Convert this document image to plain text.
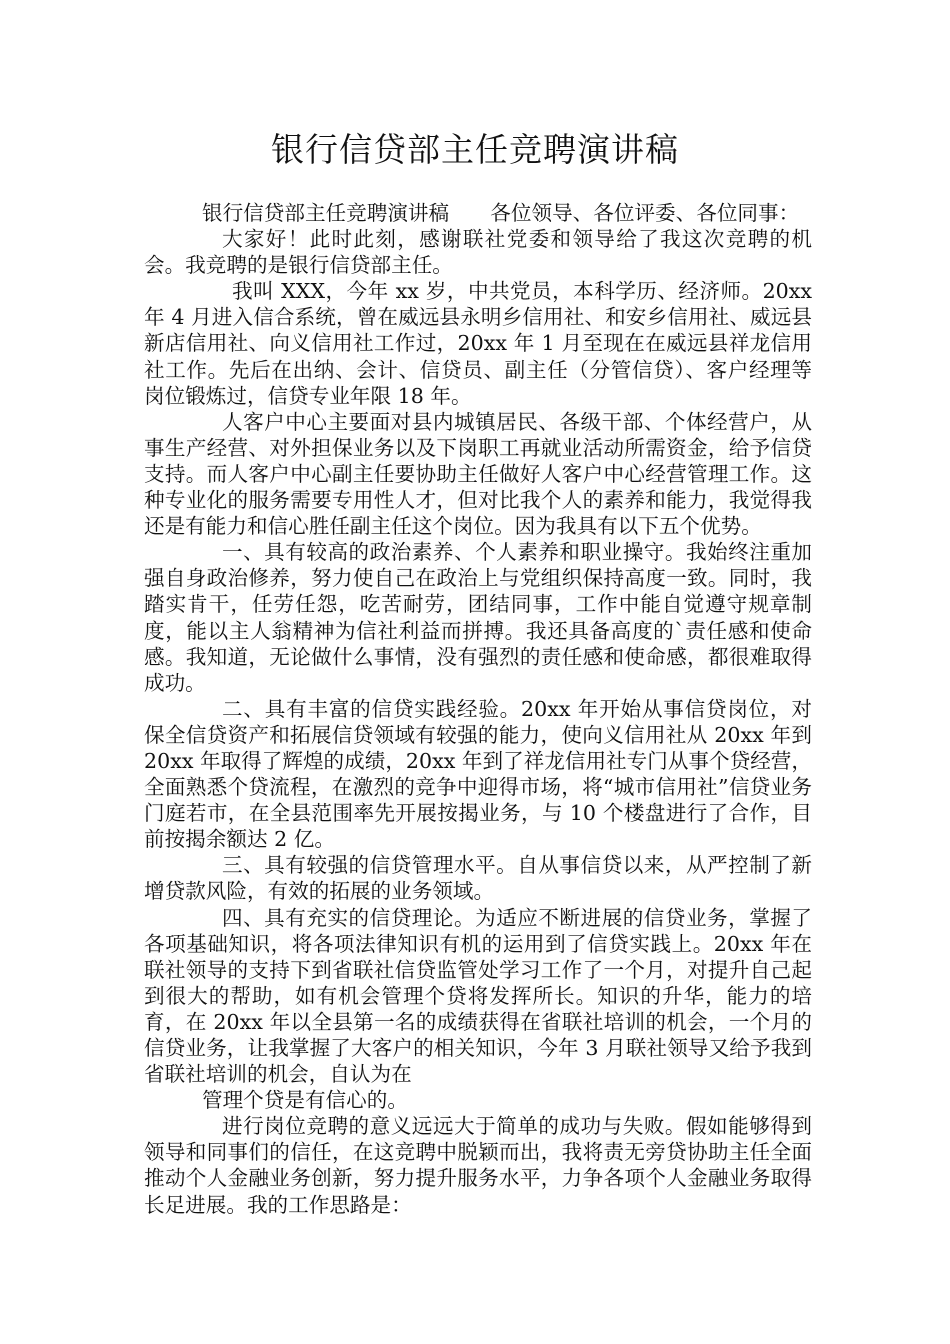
银行信贷部主任竞聘演讲稿

银行信贷部主任竞聘演讲稿　　各位领导、各位评委、各位同事：

大家好！此时此刻，感谢联社党委和领导给了我这次竞聘的机会。我竞聘的是银行信贷部主任。

我叫 XXX，今年 xx 岁，中共党员，本科学历、经济师。20xx 年 4 月进入信合系统，曾在威远县永明乡信用社、和安乡信用社、威远县新店信用社、向义信用社工作过，20xx 年 1 月至现在在威远县祥龙信用社工作。先后在出纳、会计、信贷员、副主任（分管信贷）、客户经理等岗位锻炼过，信贷专业年限 18 年。

人客户中心主要面对县内城镇居民、各级干部、个体经营户，从事生产经营、对外担保业务以及下岗职工再就业活动所需资金，给予信贷支持。而人客户中心副主任要协助主任做好人客户中心经营管理工作。这种专业化的服务需要专用性人才，但对比我个人的素养和能力，我觉得我还是有能力和信心胜任副主任这个岗位。因为我具有以下五个优势。

一、具有较高的政治素养、个人素养和职业操守。我始终注重加强自身政治修养，努力使自己在政治上与党组织保持高度一致。同时，我踏实肯干，任劳任怨，吃苦耐劳，团结同事，工作中能自觉遵守规章制度，能以主人翁精神为信社利益而拼搏。我还具备高度的`责任感和使命感。我知道，无论做什么事情，没有强烈的责任感和使命感，都很难取得成功。

二、具有丰富的信贷实践经验。20xx 年开始从事信贷岗位，对保全信贷资产和拓展信贷领域有较强的能力，使向义信用社从 20xx 年到 20xx 年取得了辉煌的成绩，20xx 年到了祥龙信用社专门从事个贷经营，全面熟悉个贷流程，在激烈的竞争中迎得市场，将“城市信用社”信贷业务门庭若市，在全县范围率先开展按揭业务，与 10 个楼盘进行了合作，目前按揭余额达 2 亿。

三、具有较强的信贷管理水平。自从事信贷以来，从严控制了新增贷款风险，有效的拓展的业务领域。

四、具有充实的信贷理论。为适应不断进展的信贷业务，掌握了各项基础知识，将各项法律知识有机的运用到了信贷实践上。20xx 年在联社领导的支持下到省联社信贷监管处学习工作了一个月，对提升自己起到很大的帮助，如有机会管理个贷将发挥所长。知识的升华，能力的培育，在 20xx 年以全县第一名的成绩获得在省联社培训的机会，一个月的信贷业务，让我掌握了大客户的相关知识，今年 3 月联社领导又给予我到省联社培训的机会，自认为在

管理个贷是有信心的。

进行岗位竞聘的意义远远大于简单的成功与失败。假如能够得到领导和同事们的信任，在这竞聘中脱颖而出，我将责无旁贷协助主任全面推动个人金融业务创新，努力提升服务水平，力争各项个人金融业务取得长足进展。我的工作思路是：
